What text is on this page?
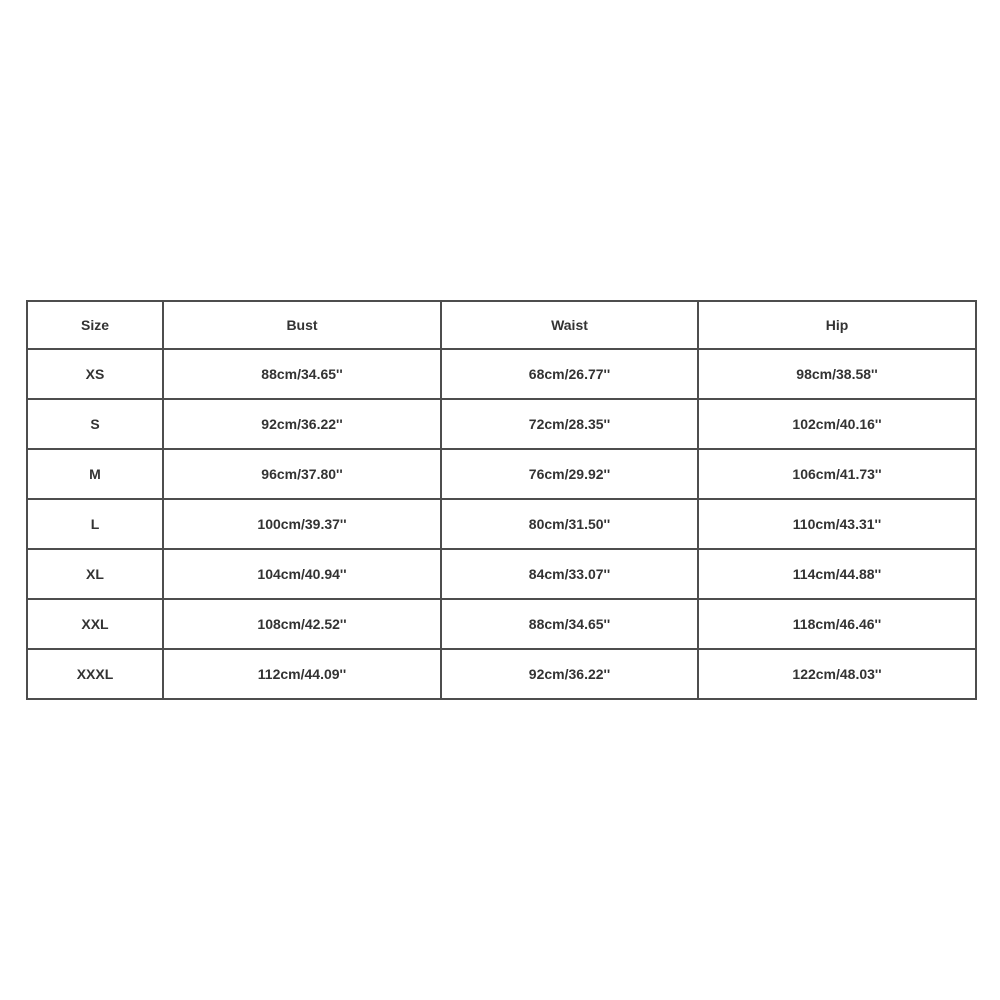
Size	Bust	Waist	Hip
XS	88cm/34.65''	68cm/26.77''	98cm/38.58''
S	92cm/36.22''	72cm/28.35''	102cm/40.16''
M	96cm/37.80''	76cm/29.92''	106cm/41.73''
L	100cm/39.37''	80cm/31.50''	110cm/43.31''
XL	104cm/40.94''	84cm/33.07''	114cm/44.88''
XXL	108cm/42.52''	88cm/34.65''	118cm/46.46''
XXXL	112cm/44.09''	92cm/36.22''	122cm/48.03''
